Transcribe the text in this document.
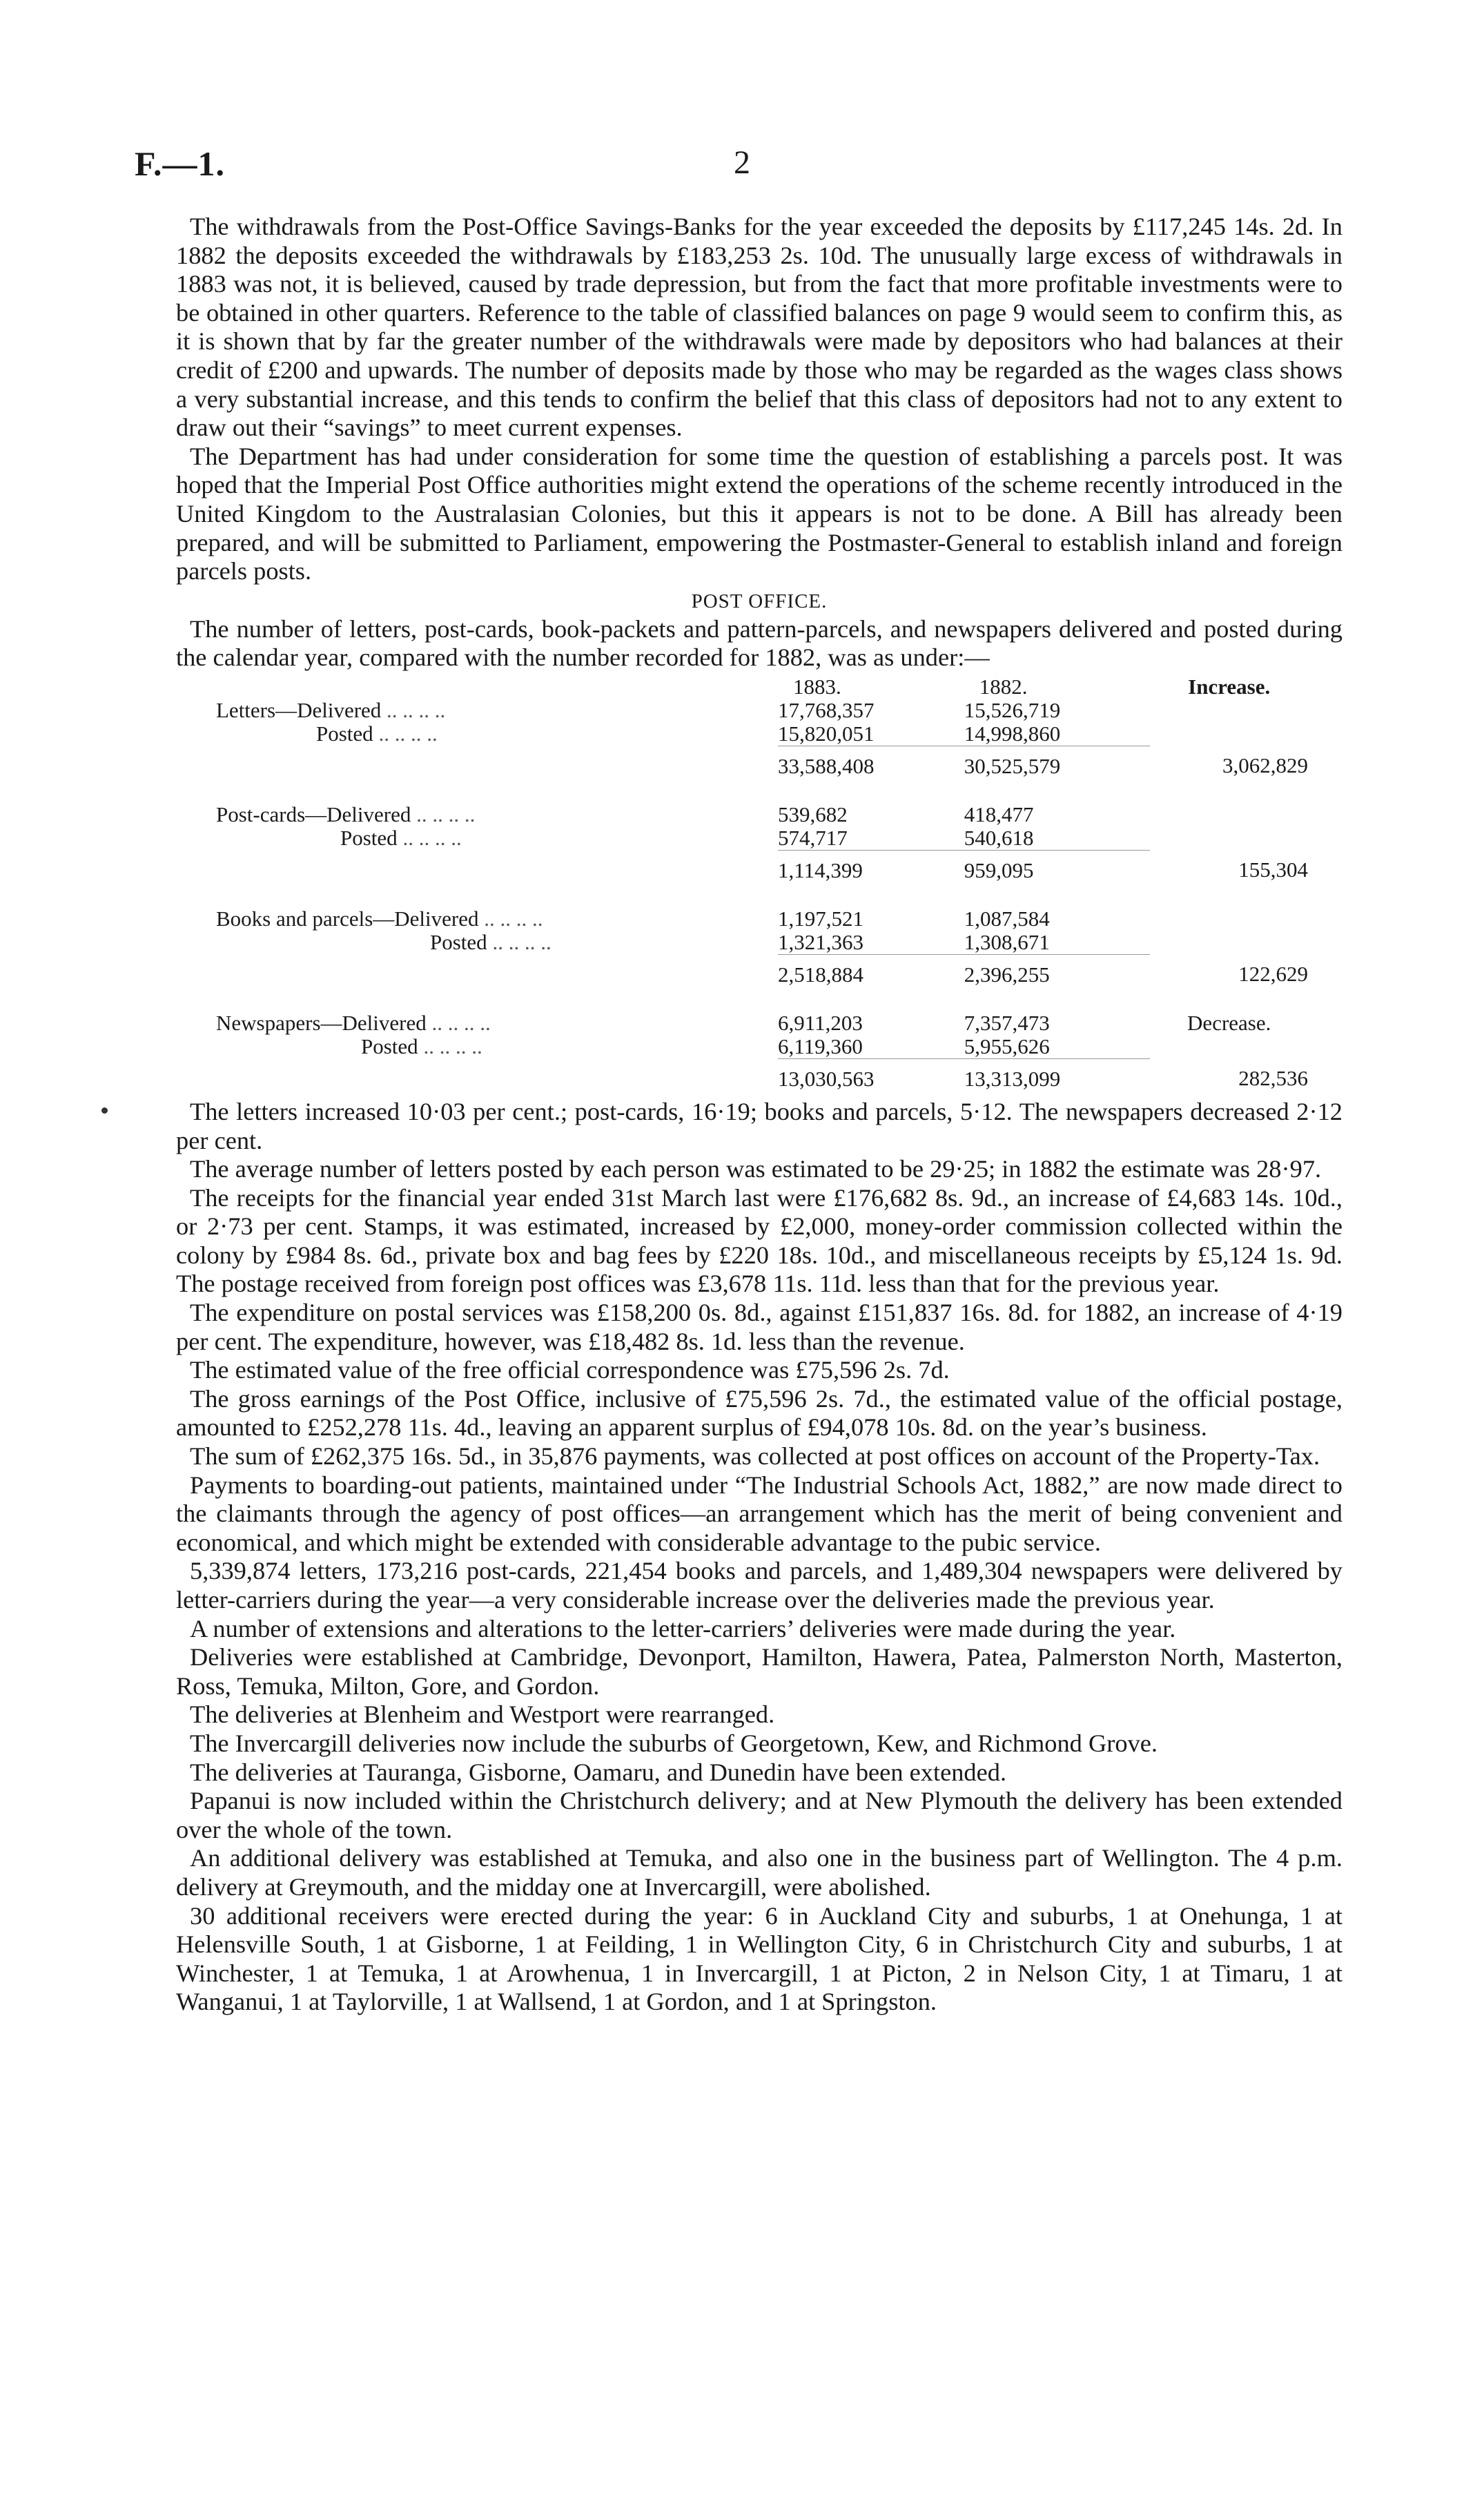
F.—1.	2

The withdrawals from the Post-Office Savings-Banks for the year exceeded the deposits by £117,245 14s. 2d. In 1882 the deposits exceeded the withdrawals by £183,253 2s. 10d. The unusually large excess of withdrawals in 1883 was not, it is believed, caused by trade depression, but from the fact that more profitable investments were to be obtained in other quarters. Reference to the table of classified balances on page 9 would seem to confirm this, as it is shown that by far the greater number of the withdrawals were made by depositors who had balances at their credit of £200 and upwards. The number of deposits made by those who may be regarded as the wages class shows a very substantial increase, and this tends to confirm the belief that this class of depositors had not to any extent to draw out their “savings” to meet current expenses.

The Department has had under consideration for some time the question of establishing a parcels post. It was hoped that the Imperial Post Office authorities might extend the operations of the scheme recently introduced in the United Kingdom to the Australasian Colonies, but this it appears is not to be done. A Bill has already been prepared, and will be submitted to Parliament, empowering the Postmaster-General to establish inland and foreign parcels posts.

POST OFFICE.

The number of letters, post-cards, book-packets and pattern-parcels, and newspapers delivered and posted during the calendar year, compared with the number recorded for 1882, was as under:—

	1883.	1882.	Increase.
Letters—Delivered .. .. .. ..	17,768,357	15,526,719	
Posted .. .. .. ..	15,820,051	14,998,860	
	33,588,408	30,525,579	3,062,829

Post-cards—Delivered .. .. .. ..	539,682	418,477	
Posted .. .. .. ..	574,717	540,618	
	1,114,399	959,095	155,304

Books and parcels—Delivered .. .. .. ..	1,197,521	1,087,584	
Posted .. .. .. ..	1,321,363	1,308,671	
	2,518,884	2,396,255	122,629

Newspapers—Delivered .. .. .. ..	6,911,203	7,357,473	Decrease.
Posted .. .. .. ..	6,119,360	5,955,626	
	13,030,563	13,313,099	282,536

The letters increased 10·03 per cent.; post-cards, 16·19; books and parcels, 5·12. The newspapers decreased 2·12 per cent.

The average number of letters posted by each person was estimated to be 29·25; in 1882 the estimate was 28·97.

The receipts for the financial year ended 31st March last were £176,682 8s. 9d., an increase of £4,683 14s. 10d., or 2·73 per cent. Stamps, it was estimated, increased by £2,000, money-order commission collected within the colony by £984 8s. 6d., private box and bag fees by £220 18s. 10d., and miscellaneous receipts by £5,124 1s. 9d. The postage received from foreign post offices was £3,678 11s. 11d. less than that for the previous year.

The expenditure on postal services was £158,200 0s. 8d., against £151,837 16s. 8d. for 1882, an increase of 4·19 per cent. The expenditure, however, was £18,482 8s. 1d. less than the revenue.

The estimated value of the free official correspondence was £75,596 2s. 7d.

The gross earnings of the Post Office, inclusive of £75,596 2s. 7d., the estimated value of the official postage, amounted to £252,278 11s. 4d., leaving an apparent surplus of £94,078 10s. 8d. on the year’s business.

The sum of £262,375 16s. 5d., in 35,876 payments, was collected at post offices on account of the Property-Tax.

Payments to boarding-out patients, maintained under “The Industrial Schools Act, 1882,” are now made direct to the claimants through the agency of post offices—an arrangement which has the merit of being convenient and economical, and which might be extended with considerable advantage to the pubic service.

5,339,874 letters, 173,216 post-cards, 221,454 books and parcels, and 1,489,304 newspapers were delivered by letter-carriers during the year—a very considerable increase over the deliveries made the previous year.

A number of extensions and alterations to the letter-carriers’ deliveries were made during the year.

Deliveries were established at Cambridge, Devonport, Hamilton, Hawera, Patea, Palmerston North, Masterton, Ross, Temuka, Milton, Gore, and Gordon.

The deliveries at Blenheim and Westport were rearranged.

The Invercargill deliveries now include the suburbs of Georgetown, Kew, and Richmond Grove.

The deliveries at Tauranga, Gisborne, Oamaru, and Dunedin have been extended.

Papanui is now included within the Christchurch delivery; and at New Plymouth the delivery has been extended over the whole of the town.

An additional delivery was established at Temuka, and also one in the business part of Wellington. The 4 p.m. delivery at Greymouth, and the midday one at Invercargill, were abolished.

30 additional receivers were erected during the year: 6 in Auckland City and suburbs, 1 at Onehunga, 1 at Helensville South, 1 at Gisborne, 1 at Feilding, 1 in Wellington City, 6 in Christchurch City and suburbs, 1 at Winchester, 1 at Temuka, 1 at Arowhenua, 1 in Invercargill, 1 at Picton, 2 in Nelson City, 1 at Timaru, 1 at Wanganui, 1 at Taylorville, 1 at Wallsend, 1 at Gordon, and 1 at Springston.
